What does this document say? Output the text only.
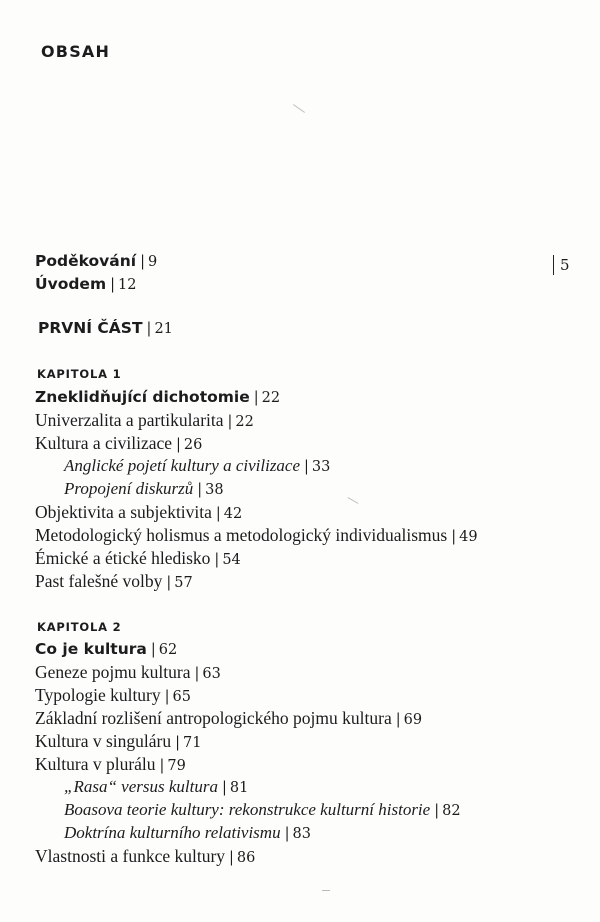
OBSAH
5
Poděkování | 9
Úvodem | 12
PRVNÍ ČÁST | 21
KAPITOLA 1
Zneklidňující dichotomie | 22
Univerzalita a partikularita | 22
Kultura a civilizace | 26
Anglické pojetí kultury a civilizace | 33
Propojení diskurzů | 38
Objektivita a subjektivita | 42
Metodologický holismus a metodologický individualismus | 49
Émické a étické hledisko | 54
Past falešné volby | 57
KAPITOLA 2
Co je kultura | 62
Geneze pojmu kultura | 63
Typologie kultury | 65
Základní rozlišení antropologického pojmu kultura | 69
Kultura v singuláru | 71
Kultura v plurálu | 79
„Rasa“ versus kultura | 81
Boasova teorie kultury: rekonstrukce kulturní historie | 82
Doktrína kulturního relativismu | 83
Vlastnosti a funkce kultury | 86
